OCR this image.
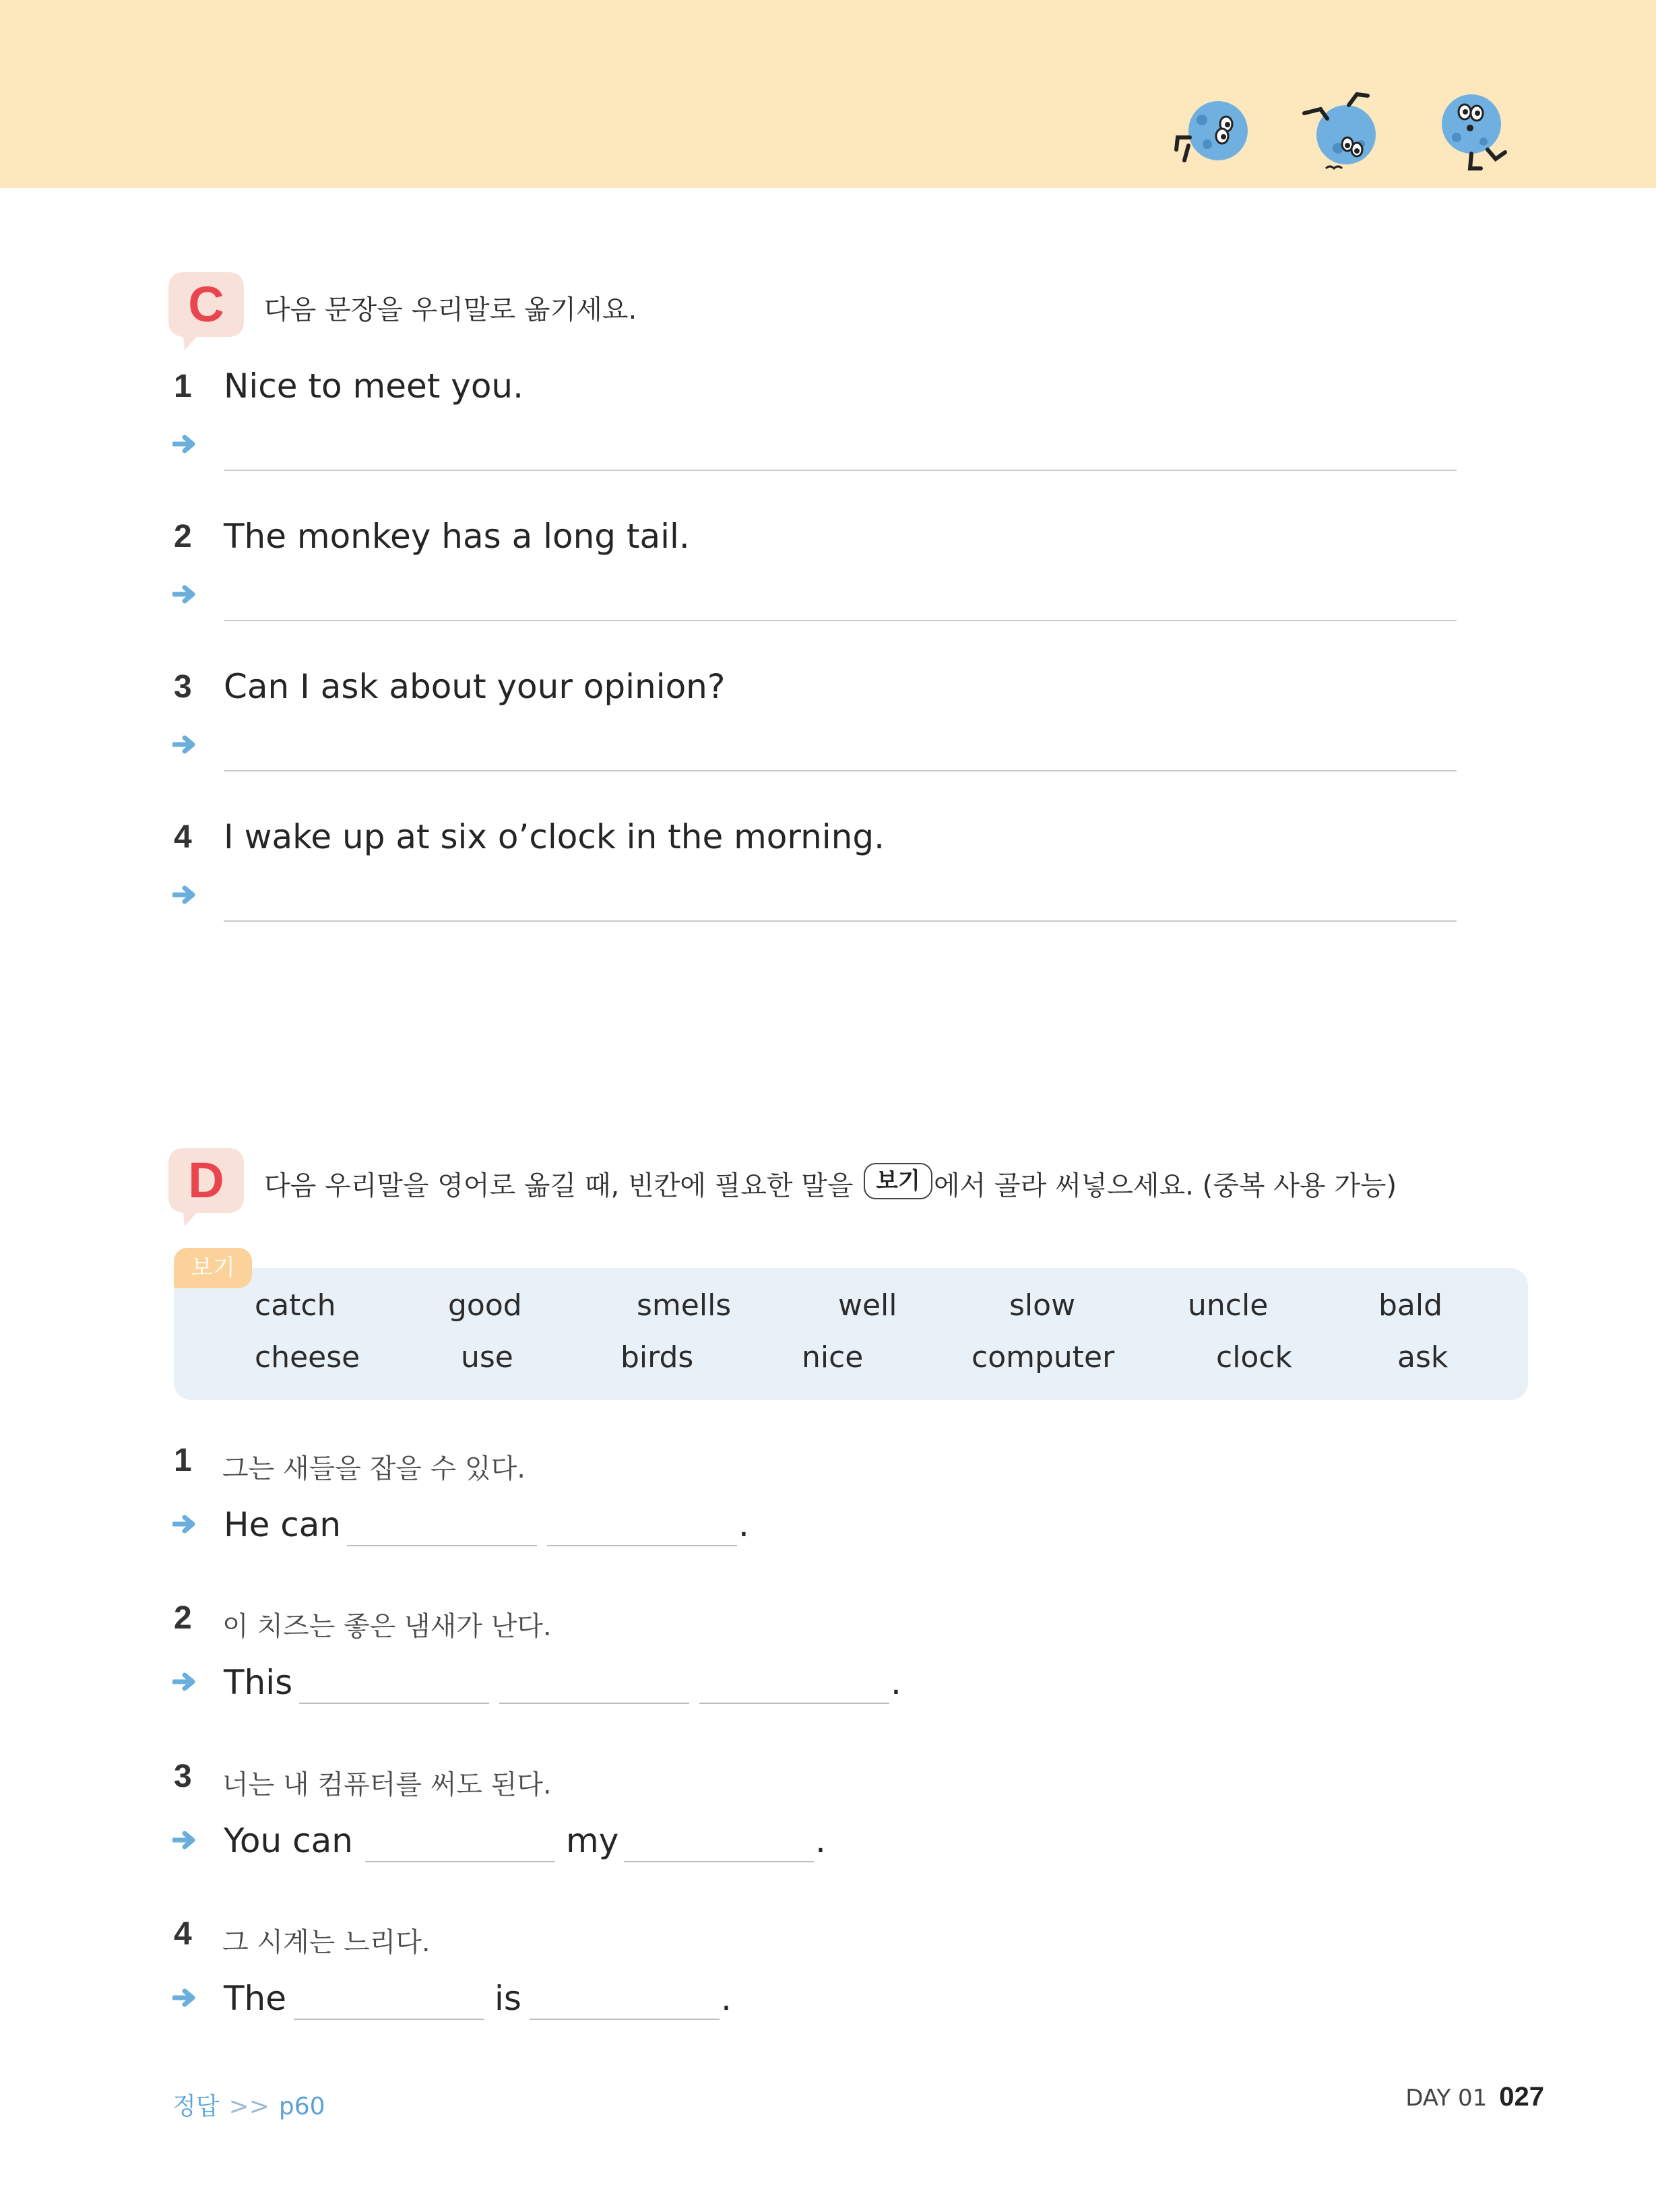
C	다음 문장을 우리말로 옮기세요.
1 Nice to meet you.
2 The monkey has a long tail.
3 Can I ask about your opinion?
4 I wake up at six o’clock in the morning.
D	다음 우리말을 영어로 옮길 때, 빈칸에 필요한 말을 보기 에서 골라 써넣으세요. (중복 사용 가능)
보기
catch	good	smells	well	slow	uncle	bald
cheese	use	birds	nice	computer	clock	ask
1 그는 새들을 잡을 수 있다.
He can	.
2 이 치즈는 좋은 냄새가 난다.
This	.
3 너는 내 컴퓨터를 써도 된다.
You can	my	.
4 그 시계는 느리다.
The	is	.
정답 >> p60	DAY 01 027
